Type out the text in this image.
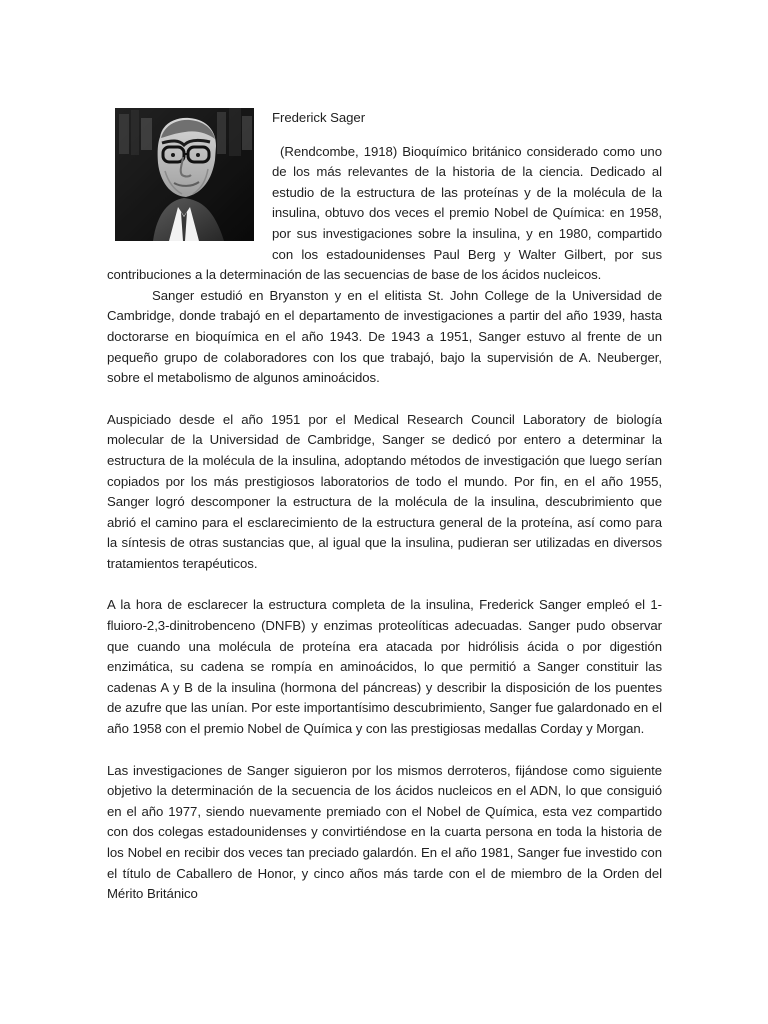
Frederick Sager

(Rendcombe, 1918) Bioquímico británico considerado como uno de los más relevantes de la historia de la ciencia. Dedicado al estudio de la estructura de las proteínas y de la molécula de la insulina, obtuvo dos veces el premio Nobel de Química: en 1958, por sus investigaciones sobre la insulina, y en 1980, compartido con los estadounidenses Paul Berg y Walter Gilbert, por sus contribuciones a la determinación de las secuencias de base de los ácidos nucleicos.

Sanger estudió en Bryanston y en el elitista St. John College de la Universidad de Cambridge, donde trabajó en el departamento de investigaciones a partir del año 1939, hasta doctorarse en bioquímica en el año 1943. De 1943 a 1951, Sanger estuvo al frente de un pequeño grupo de colaboradores con los que trabajó, bajo la supervisión de A. Neuberger, sobre el metabolismo de algunos aminoácidos.

Auspiciado desde el año 1951 por el Medical Research Council Laboratory de biología molecular de la Universidad de Cambridge, Sanger se dedicó por entero a determinar la estructura de la molécula de la insulina, adoptando métodos de investigación que luego serían copiados por los más prestigiosos laboratorios de todo el mundo. Por fin, en el año 1955, Sanger logró descomponer la estructura de la molécula de la insulina, descubrimiento que abrió el camino para el esclarecimiento de la estructura general de la proteína, así como para la síntesis de otras sustancias que, al igual que la insulina, pudieran ser utilizadas en diversos tratamientos terapéuticos.

A la hora de esclarecer la estructura completa de la insulina, Frederick Sanger empleó el 1-fluioro-2,3-dinitrobenceno (DNFB) y enzimas proteolíticas adecuadas. Sanger pudo observar que cuando una molécula de proteína era atacada por hidrólisis ácida o por digestión enzimática, su cadena se rompía en aminoácidos, lo que permitió a Sanger constituir las cadenas A y B de la insulina (hormona del páncreas) y describir la disposición de los puentes de azufre que las unían. Por este importantísimo descubrimiento, Sanger fue galardonado en el año 1958 con el premio Nobel de Química y con las prestigiosas medallas Corday y Morgan.

Las investigaciones de Sanger siguieron por los mismos derroteros, fijándose como siguiente objetivo la determinación de la secuencia de los ácidos nucleicos en el ADN, lo que consiguió en el año 1977, siendo nuevamente premiado con el Nobel de Química, esta vez compartido con dos colegas estadounidenses y convirtiéndose en la cuarta persona en toda la historia de los Nobel en recibir dos veces tan preciado galardón. En el año 1981, Sanger fue investido con el título de Caballero de Honor, y cinco años más tarde con el de miembro de la Orden del Mérito Británico
